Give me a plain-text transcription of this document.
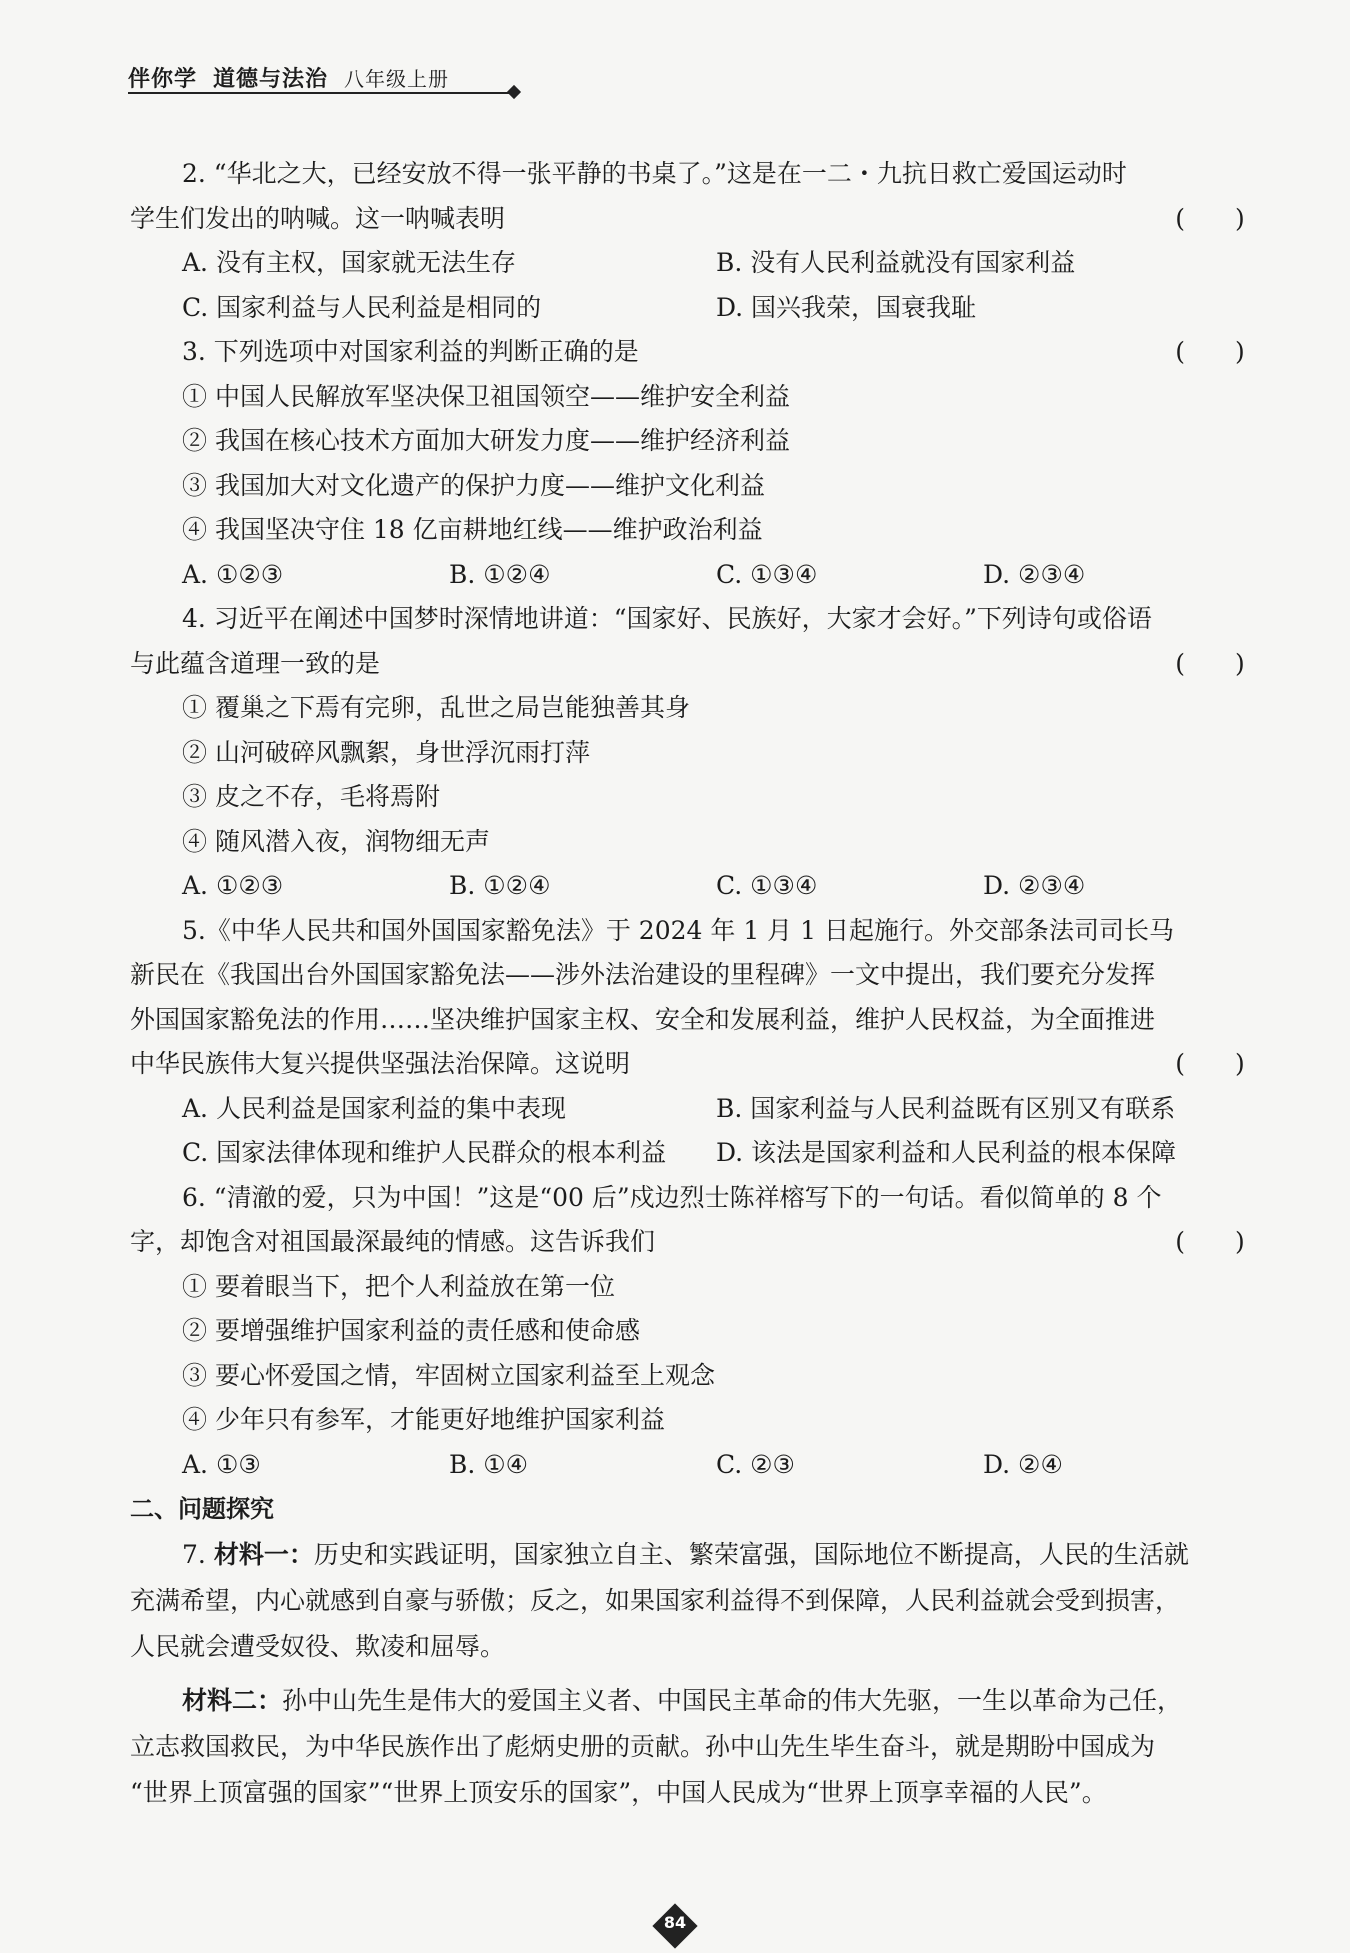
伴你学 道德与法治 八年级上册
2. “华北之大，已经安放不得一张平静的书桌了。”这是在一二・九抗日救亡爱国运动时
学生们发出的呐喊。这一呐喊表明	(　　)
A. 没有主权，国家就无法生存	B. 没有人民利益就没有国家利益
C. 国家利益与人民利益是相同的	D. 国兴我荣，国衰我耻
3. 下列选项中对国家利益的判断正确的是	(　　)
① 中国人民解放军坚决保卫祖国领空——维护安全利益
② 我国在核心技术方面加大研发力度——维护经济利益
③ 我国加大对文化遗产的保护力度——维护文化利益
④ 我国坚决守住 18 亿亩耕地红线——维护政治利益
A. ①②③	B. ①②④	C. ①③④	D. ②③④
4. 习近平在阐述中国梦时深情地讲道：“国家好、民族好，大家才会好。”下列诗句或俗语
与此蕴含道理一致的是	(　　)
① 覆巢之下焉有完卵，乱世之局岂能独善其身
② 山河破碎风飘絮，身世浮沉雨打萍
③ 皮之不存，毛将焉附
④ 随风潜入夜，润物细无声
A. ①②③	B. ①②④	C. ①③④	D. ②③④
5.《中华人民共和国外国国家豁免法》于 2024 年 1 月 1 日起施行。外交部条法司司长马
新民在《我国出台外国国家豁免法——涉外法治建设的里程碑》一文中提出，我们要充分发挥
外国国家豁免法的作用……坚决维护国家主权、安全和发展利益，维护人民权益，为全面推进
中华民族伟大复兴提供坚强法治保障。这说明	(　　)
A. 人民利益是国家利益的集中表现	B. 国家利益与人民利益既有区别又有联系
C. 国家法律体现和维护人民群众的根本利益	D. 该法是国家利益和人民利益的根本保障
6. “清澈的爱，只为中国！”这是“00 后”戍边烈士陈祥榕写下的一句话。看似简单的 8 个
字，却饱含对祖国最深最纯的情感。这告诉我们	(　　)
① 要着眼当下，把个人利益放在第一位
② 要增强维护国家利益的责任感和使命感
③ 要心怀爱国之情，牢固树立国家利益至上观念
④ 少年只有参军，才能更好地维护国家利益
A. ①③	B. ①④	C. ②③	D. ②④
二、问题探究
7. 材料一：历史和实践证明，国家独立自主、繁荣富强，国际地位不断提高，人民的生活就
充满希望，内心就感到自豪与骄傲；反之，如果国家利益得不到保障，人民利益就会受到损害，
人民就会遭受奴役、欺凌和屈辱。
材料二：孙中山先生是伟大的爱国主义者、中国民主革命的伟大先驱，一生以革命为己任，
立志救国救民，为中华民族作出了彪炳史册的贡献。孙中山先生毕生奋斗，就是期盼中国成为
“世界上顶富强的国家”“世界上顶安乐的国家”，中国人民成为“世界上顶享幸福的人民”。
84
